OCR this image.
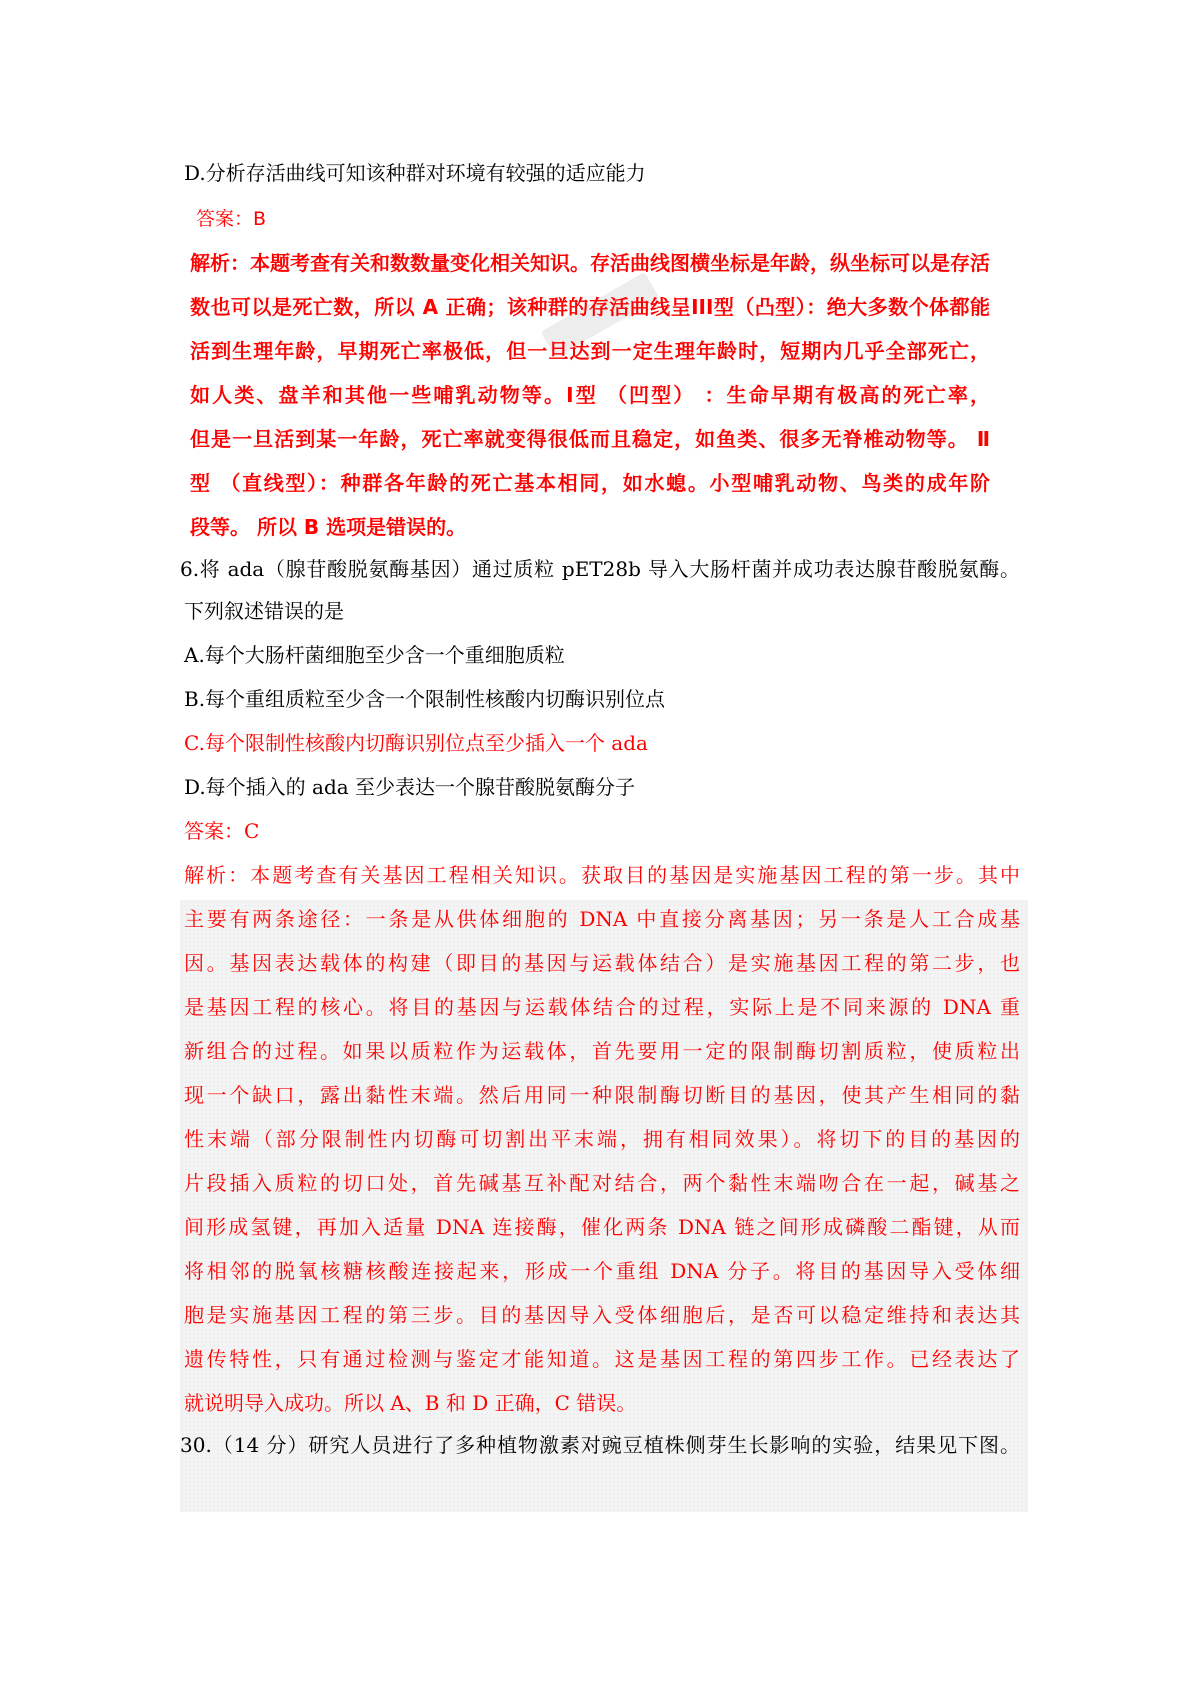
D.分析存活曲线可知该种群对环境有较强的适应能力
答案：B
解析：本题考查有关和数数量变化相关知识。存活曲线图横坐标是年龄，纵坐标可以是存活
数也可以是死亡数，所以 A 正确；该种群的存活曲线呈III型（凸型）：绝大多数个体都能
活到生理年龄，早期死亡率极低，但一旦达到一定生理年龄时，短期内几乎全部死亡，
如人类、盘羊和其他一些哺乳动物等。Ⅰ型 （凹型） ：生命早期有极高的死亡率，
但是一旦活到某一年龄，死亡率就变得很低而且稳定，如鱼类、很多无脊椎动物等。 Ⅱ
型 （直线型）：种群各年龄的死亡基本相同，如水螅。小型哺乳动物、鸟类的成年阶
段等。 所以 B 选项是错误的。
6.将 ada（腺苷酸脱氨酶基因）通过质粒 pET28b 导入大肠杆菌并成功表达腺苷酸脱氨酶。
下列叙述错误的是
A.每个大肠杆菌细胞至少含一个重细胞质粒
B.每个重组质粒至少含一个限制性核酸内切酶识别位点
C.每个限制性核酸内切酶识别位点至少插入一个 ada
D.每个插入的 ada 至少表达一个腺苷酸脱氨酶分子
答案：C
解析：本题考查有关基因工程相关知识。获取目的基因是实施基因工程的第一步。其中
主要有两条途径：一条是从供体细胞的 DNA 中直接分离基因；另一条是人工合成基
因。基因表达载体的构建（即目的基因与运载体结合）是实施基因工程的第二步，也
是基因工程的核心。将目的基因与运载体结合的过程，实际上是不同来源的 DNA 重
新组合的过程。如果以质粒作为运载体，首先要用一定的限制酶切割质粒，使质粒出
现一个缺口，露出黏性末端。然后用同一种限制酶切断目的基因，使其产生相同的黏
性末端（部分限制性内切酶可切割出平末端，拥有相同效果）。将切下的目的基因的
片段插入质粒的切口处，首先碱基互补配对结合，两个黏性末端吻合在一起，碱基之
间形成氢键，再加入适量 DNA 连接酶，催化两条 DNA 链之间形成磷酸二酯键，从而
将相邻的脱氧核糖核酸连接起来，形成一个重组 DNA 分子。将目的基因导入受体细
胞是实施基因工程的第三步。目的基因导入受体细胞后，是否可以稳定维持和表达其
遗传特性，只有通过检测与鉴定才能知道。这是基因工程的第四步工作。已经表达了
就说明导入成功。所以 A、B 和 D 正确，C 错误。
30.（14 分）研究人员进行了多种植物激素对豌豆植株侧芽生长影响的实验，结果见下图。
